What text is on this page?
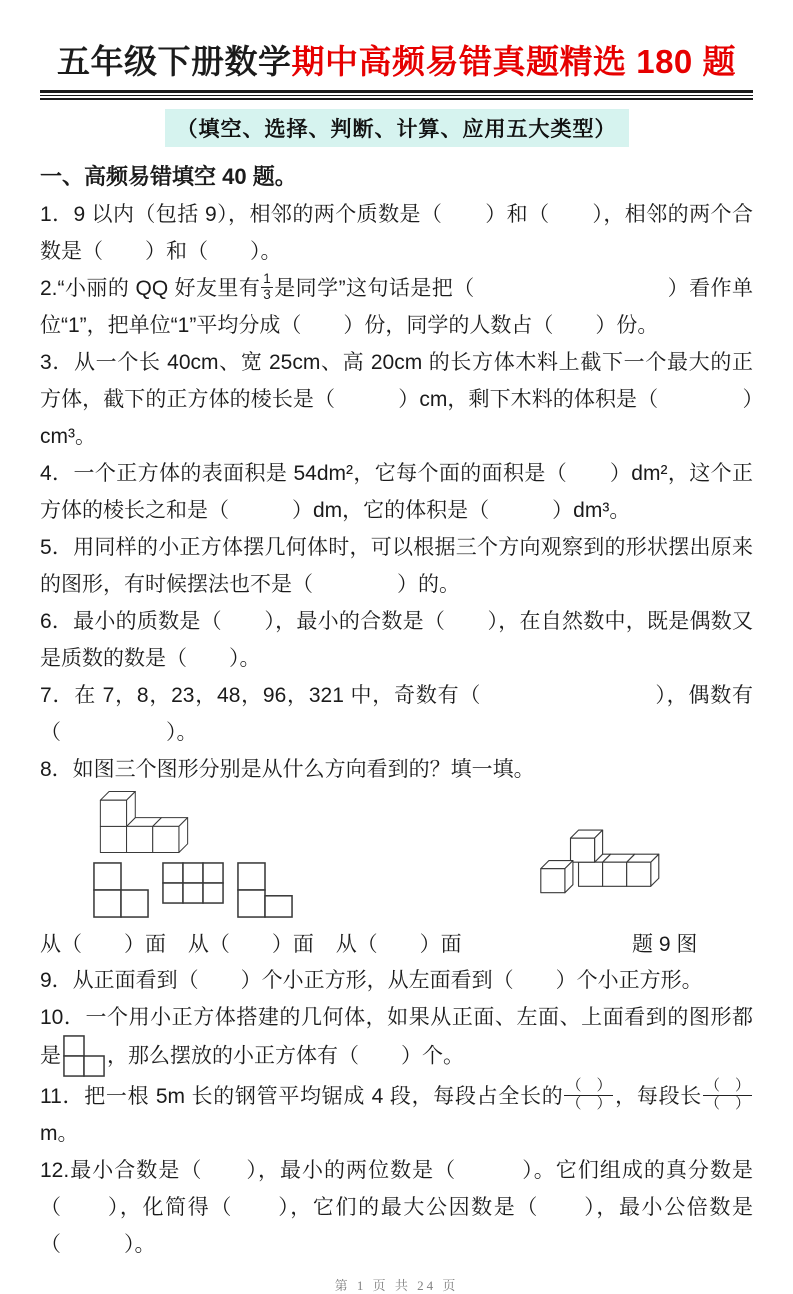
五年级下册数学期中高频易错真题精选 180 题
（填空、选择、判断、计算、应用五大类型）
一、高频易错填空 40 题。

1．9 以内（包括 9），相邻的两个质数是（　　）和（　　），相邻的两个合数是（　　）和（　　）。

2.“小丽的 QQ 好友里有 $\frac{1}{3}$ 是同学”这句话是把（　　　　　　　　　）看作单位“1”，把单位“1”平均分成（　　）份，同学的人数占（　　）份。

3．从一个长 40cm、宽 25cm、高 20cm 的长方体木料上截下一个最大的正方体，截下的正方体的棱长是（　　　）cm，剩下木料的体积是（　　　　）cm³。

4．一个正方体的表面积是 54dm²，它每个面的面积是（　　）dm²，这个正方体的棱长之和是（　　　）dm，它的体积是（　　　）dm³。

5．用同样的小正方体摆几何体时，可以根据三个方向观察到的形状摆出原来的图形，有时候摆法也不是（　　　　）的。

6．最小的质数是（　　），最小的合数是（　　），在自然数中，既是偶数又是质数的数是（　　）。

7．在 7，8，23，48，96，321 中，奇数有（　　　　　　　　），偶数有（　　　　　）。

8．如图三个图形分别是从什么方向看到的？填一填。

从（　　）面 从（　　）面 从（　　）面	题 9 图

9．从正面看到（　　）个小正方形，从左面看到（　　）个小正方形。

10．一个用小正方体搭建的几何体，如果从正面、左面、上面看到的图形都是 ，那么摆放的小正方体有（　　）个。

11．把一根 5m 长的钢管平均锯成 4 段，每段占全长的 $\frac{( )}{( )}$ ，每段长 $\frac{( )}{( )}$
m。

12.最小合数是（　　），最小的两位数是（　　　）。它们组成的真分数是（　　），化简得（　　），它们的最大公因数是（　　），最小公倍数是（　　　）。

第 1 页 共 24 页
